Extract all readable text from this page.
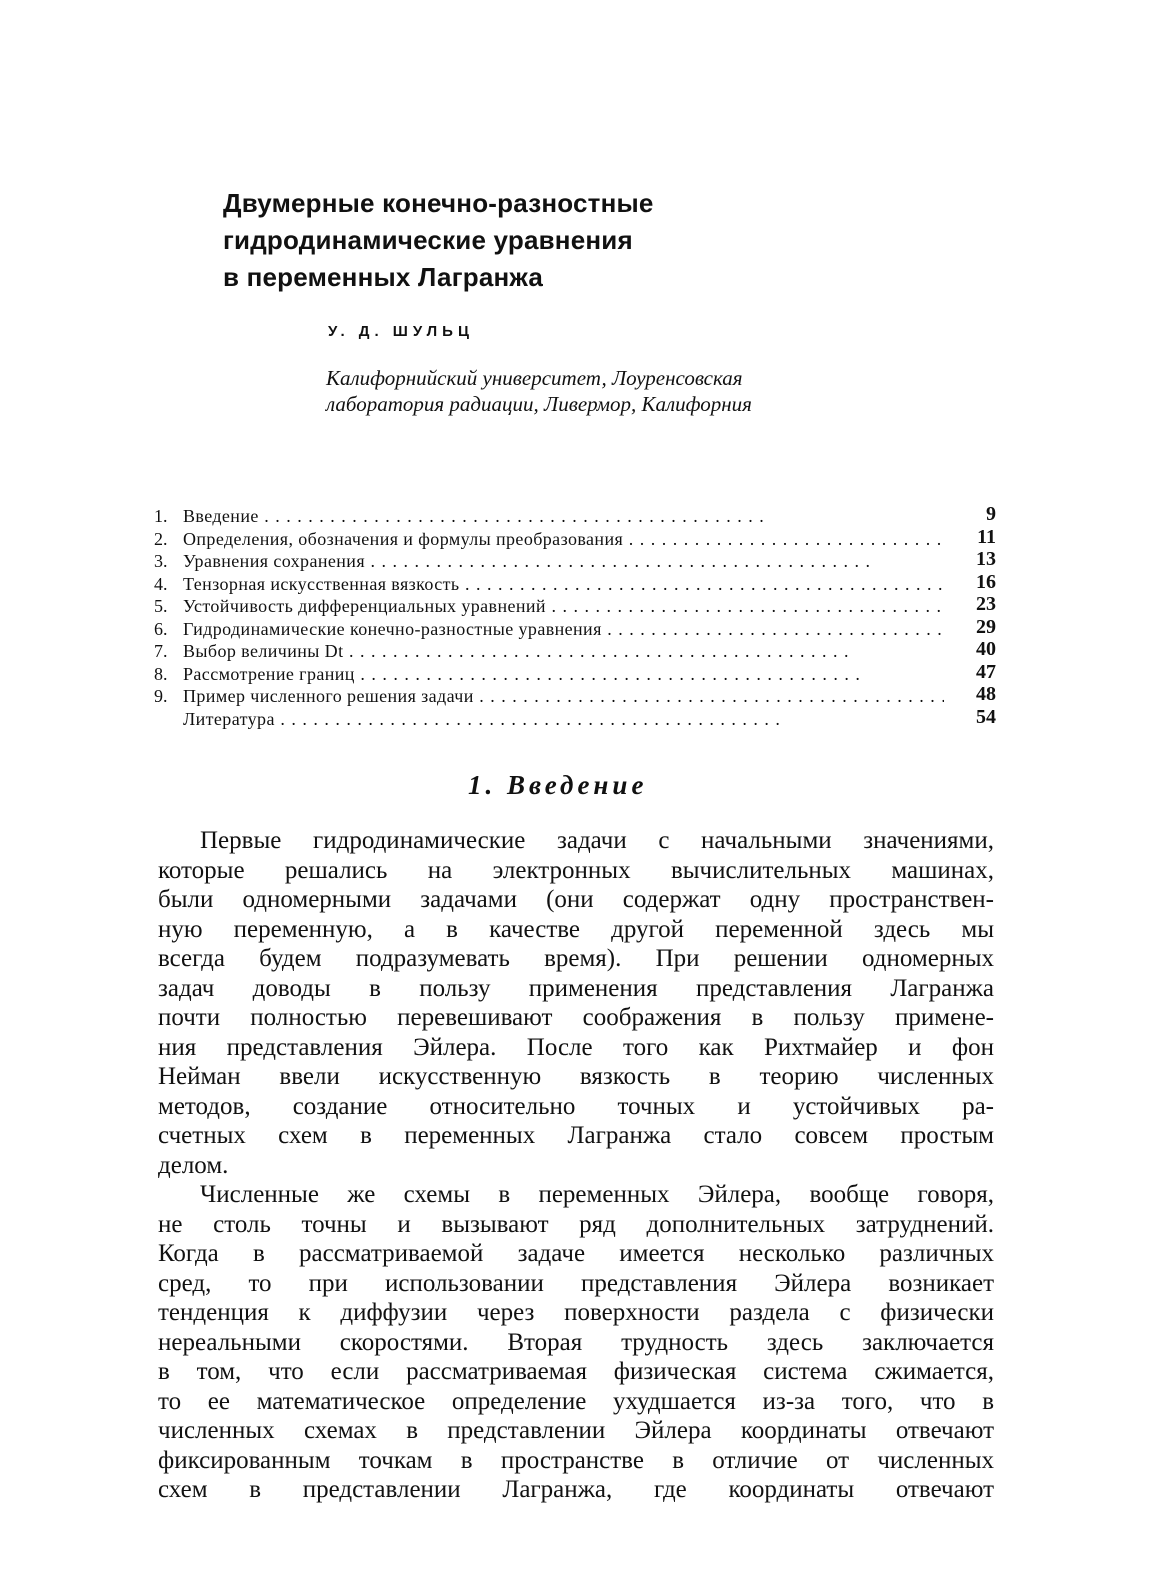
Двумерные конечно-разностные
гидродинамические уравнения
в переменных Лагранжа
У. Д. ШУЛЬЦ
Калифорнийский университет, Лоуренсовская
лаборатория радиации, Ливермор, Калифорния
1. Введение . .	9
2. Определения, обозначения и формулы преобразования . .	11
3. Уравнения сохранения . .	13
4. Тензорная искусственная вязкость . .	16
5. Устойчивость дифференциальных уравнений . .	23
6. Гидродинамические конечно-разностные уравнения . .	29
7. Выбор величины Dt . .	40
8. Рассмотрение границ . .	47
9. Пример численного решения задачи . .	48
Литература . .	54
1. Введение
Первые гидродинамические задачи с начальными значениями,
которые решались на электронных вычислительных машинах,
были одномерными задачами (они содержат одну пространствен-
ную переменную, а в качестве другой переменной здесь мы
всегда будем подразумевать время). При решении одномерных
задач доводы в пользу применения представления Лагранжа
почти полностью перевешивают соображения в пользу примене-
ния представления Эйлера. После того как Рихтмайер и фон
Нейман ввели искусственную вязкость в теорию численных
методов, создание относительно точных и устойчивых ра-
счетных схем в переменных Лагранжа стало совсем простым
делом.
Численные же схемы в переменных Эйлера, вообще говоря,
не столь точны и вызывают ряд дополнительных затруднений.
Когда в рассматриваемой задаче имеется несколько различных
сред, то при использовании представления Эйлера возникает
тенденция к диффузии через поверхности раздела с физически
нереальными скоростями. Вторая трудность здесь заключается
в том, что если рассматриваемая физическая система сжимается,
то ее математическое определение ухудшается из-за того, что в
численных схемах в представлении Эйлера координаты отвечают
фиксированным точкам в пространстве в отличие от численных
схем в представлении Лагранжа, где координаты отвечают
